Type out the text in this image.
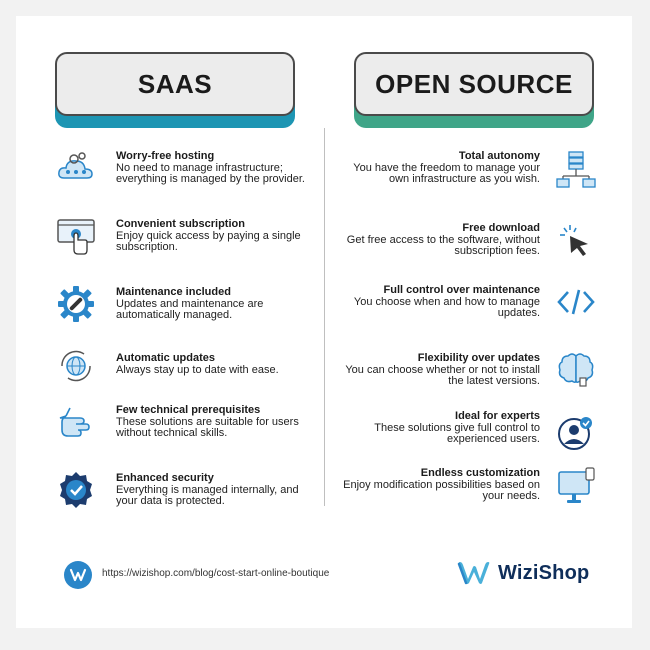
SAAS	OPEN SOURCE
Worry-free hosting
No need to manage infrastructure; everything is managed by the provider.
Convenient subscription
Enjoy quick access by paying a single subscription.
Maintenance included
Updates and maintenance are automatically managed.
Automatic updates
Always stay up to date with ease.
Few technical prerequisites
These solutions are suitable for users without technical skills.
Enhanced security
Everything is managed internally, and your data is protected.
Total autonomy
You have the freedom to manage your own infrastructure as you wish.
Free download
Get free access to the software, without subscription fees.
Full control over maintenance
You choose when and how to manage updates.
Flexibility over updates
You can choose whether or not to install the latest versions.
Ideal for experts
These solutions give full control to experienced users.
Endless customization
Enjoy modification possibilities based on your needs.
https://wizishop.com/blog/cost-start-online-boutique	WiziShop
